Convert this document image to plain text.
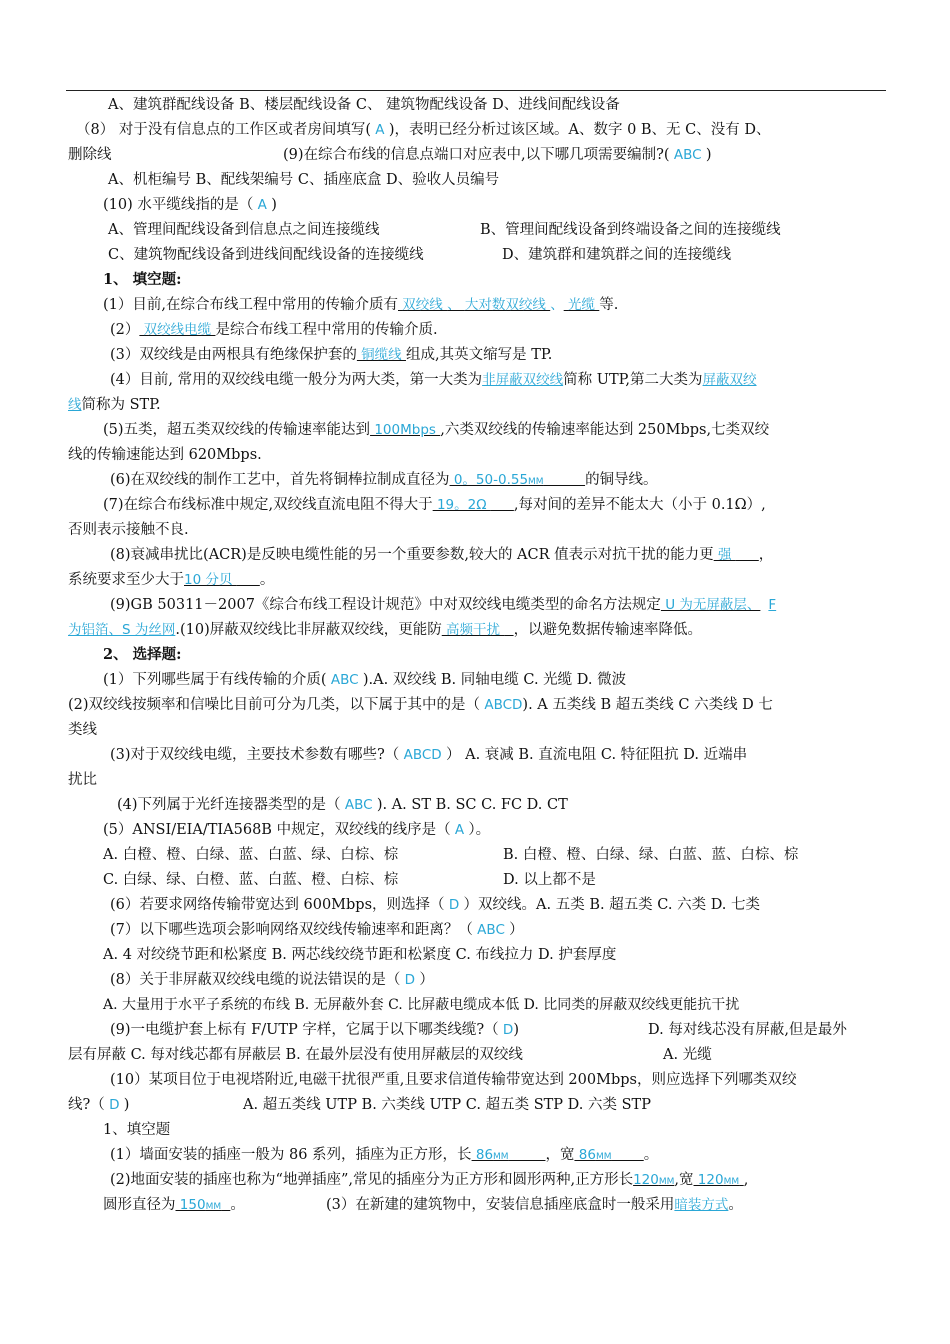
A、建筑群配线设备 B、楼层配线设备 C、 建筑物配线设备 D、进线间配线设备
（8） 对于没有信息点的工作区或者房间填写( A )，表明已经分析过该区域。A、数字 0 B、无 C、没有 D、
删除线	(9)在综合布线的信息点端口对应表中,以下哪几项需要编制?( ABC )
A、机柜编号 B、配线架编号 C、插座底盒 D、验收人员编号
(10) 水平缆线指的是（ A )
A、管理间配线设备到信息点之间连接缆线	B、管理间配线设备到终端设备之间的连接缆线
C、建筑物配线设备到进线间配线设备的连接缆线	D、建筑群和建筑群之间的连接缆线
1、 填空题:
(1）目前,在综合布线工程中常用的传输介质有 双绞线 、 大对数双绞线 、 光缆 等.
(2） 双绞线电缆 是综合布线工程中常用的传输介质.
(3）双绞线是由两根具有绝缘保护套的 铜缆线 组成,其英文缩写是 TP.
(4）目前, 常用的双绞线电缆一般分为两大类，第一大类为非屏蔽双绞线简称 UTP,第二大类为屏蔽双绞
线简称为 STP.
(5)五类，超五类双绞线的传输速率能达到 100Mbps ,六类双绞线的传输速率能达到 250Mbps,七类双绞
线的传输速能达到 620Mbps.
(6)在双绞线的制作工艺中，首先将铜棒拉制成直径为 0。50-0.55MM	的铜导线。
(7)在综合布线标准中规定,双绞线直流电阻不得大于 19。2Ω      ,每对间的差异不能太大（小于 0.1Ω）,
否则表示接触不良.
(8)衰减串扰比(ACR)是反映电缆性能的另一个重要参数,较大的 ACR 值表示对抗干扰的能力更 强      ，
系统要求至少大于10 分贝      。
(9)GB 50311－2007《综合布线工程设计规范》中对双绞线电缆类型的命名方法规定 U 为无屏蔽层、 F
为铝箔、S 为丝网.(10)屏蔽双绞线比非屏蔽双绞线，更能防 高频干扰   ，以避免数据传输速率降低。
2、 选择题:
(1）下列哪些属于有线传输的介质( ABC ).A. 双绞线 B. 同轴电缆 C. 光缆 D. 微波
(2)双绞线按频率和信噪比目前可分为几类，以下属于其中的是（ ABCD). A 五类线 B 超五类线 C 六类线 D 七
类线
(3)对于双绞线电缆，主要技术参数有哪些?（ ABCD ） A. 衰减 B. 直流电阻 C. 特征阻抗 D. 近端串
扰比
(4)下列属于光纤连接器类型的是（ ABC ). A. ST B. SC C. FC D. CT
(5）ANSI/EIA/TIA568B 中规定，双绞线的线序是（ A ）。
A. 白橙、橙、白绿、蓝、白蓝、绿、白棕、棕	B. 白橙、橙、白绿、绿、白蓝、蓝、白棕、棕
C. 白绿、绿、白橙、蓝、白蓝、橙、白棕、棕	D. 以上都不是
(6）若要求网络传输带宽达到 600Mbps，则选择（ D ）双绞线。A. 五类 B. 超五类 C. 六类 D. 七类
(7）以下哪些选项会影响网络双绞线传输速率和距离？（ ABC ）
A. 4 对绞绕节距和松紧度 B. 两芯线绞绕节距和松紧度 C. 布线拉力 D. 护套厚度
(8）关于非屏蔽双绞线电缆的说法错误的是（ D ）
A. 大量用于水平子系统的布线 B. 无屏蔽外套 C. 比屏蔽电缆成本低 D. 比同类的屏蔽双绞线更能抗干扰
(9)一电缆护套上标有 F/UTP 字样，它属于以下哪类线缆?（ D)	D. 每对线芯没有屏蔽,但是最外
层有屏蔽 C. 每对线芯都有屏蔽层 B. 在最外层没有使用屏蔽层的双绞线	A. 光缆
(10）某项目位于电视塔附近,电磁干扰很严重,且要求信道传输带宽达到 200Mbps，则应选择下列哪类双绞
线?（ D )	A. 超五类线 UTP B. 六类线 UTP C. 超五类 STP D. 六类 STP
1、填空题
(1）墙面安装的插座一般为 86 系列，插座为正方形，长 86MM	，宽 86MM 。
(2)地面安装的插座也称为“地弹插座”,常见的插座分为正方形和圆形两种,正方形长120MM,宽 120MM ,
圆形直径为 150MM 。	(3）在新建的建筑物中，安装信息插座底盒时一般采用暗装方式。
